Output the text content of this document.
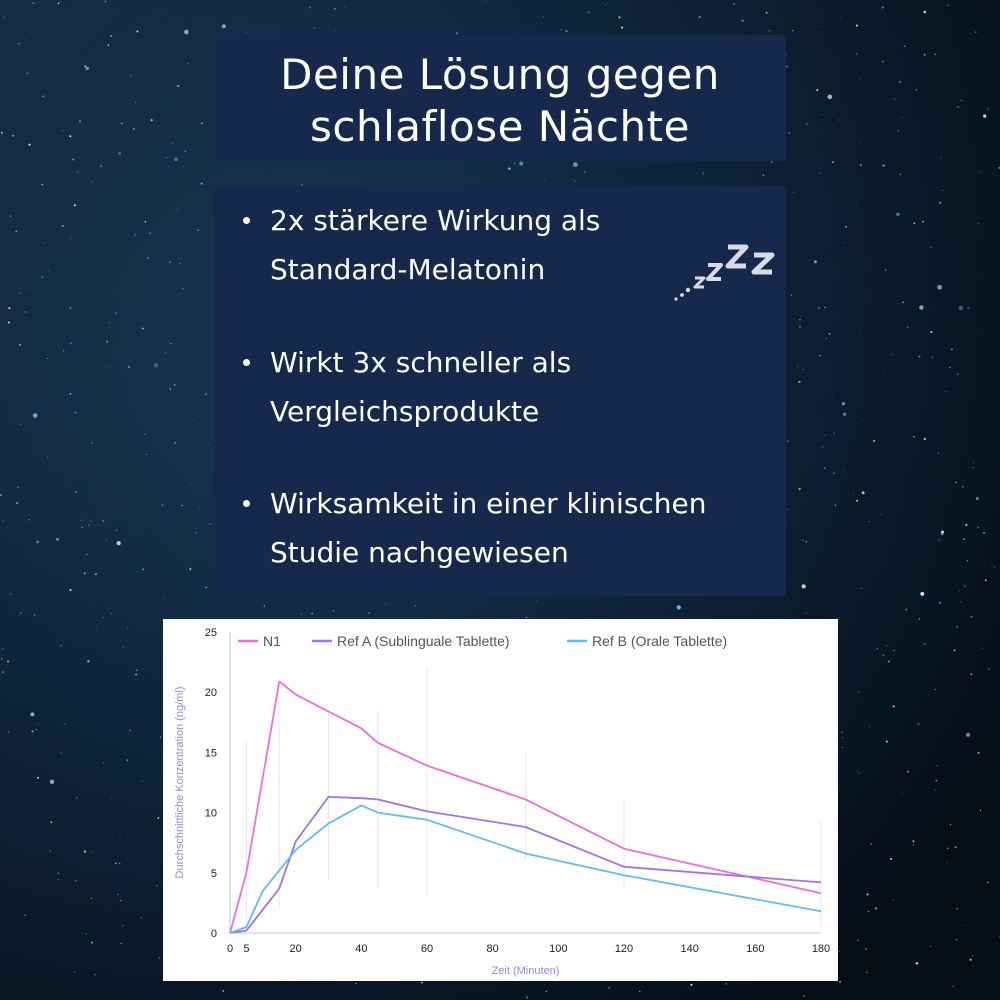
Deine Lösung gegen
schlaflose Nächte
2x stärkere Wirkung als
Standard-Melatonin
Wirkt 3x schneller als
Vergleichsprodukte
Wirksamkeit in einer klinischen
Studie nachgewiesen
0
5
10
15
20
25
0 5	20	40	60	80	100	120	140	160	180
Zeit (Minuten)
Durchschnittliche Konzentration (ng/ml)
N1	Ref A (Sublinguale Tablette)	Ref B (Orale Tablette)
